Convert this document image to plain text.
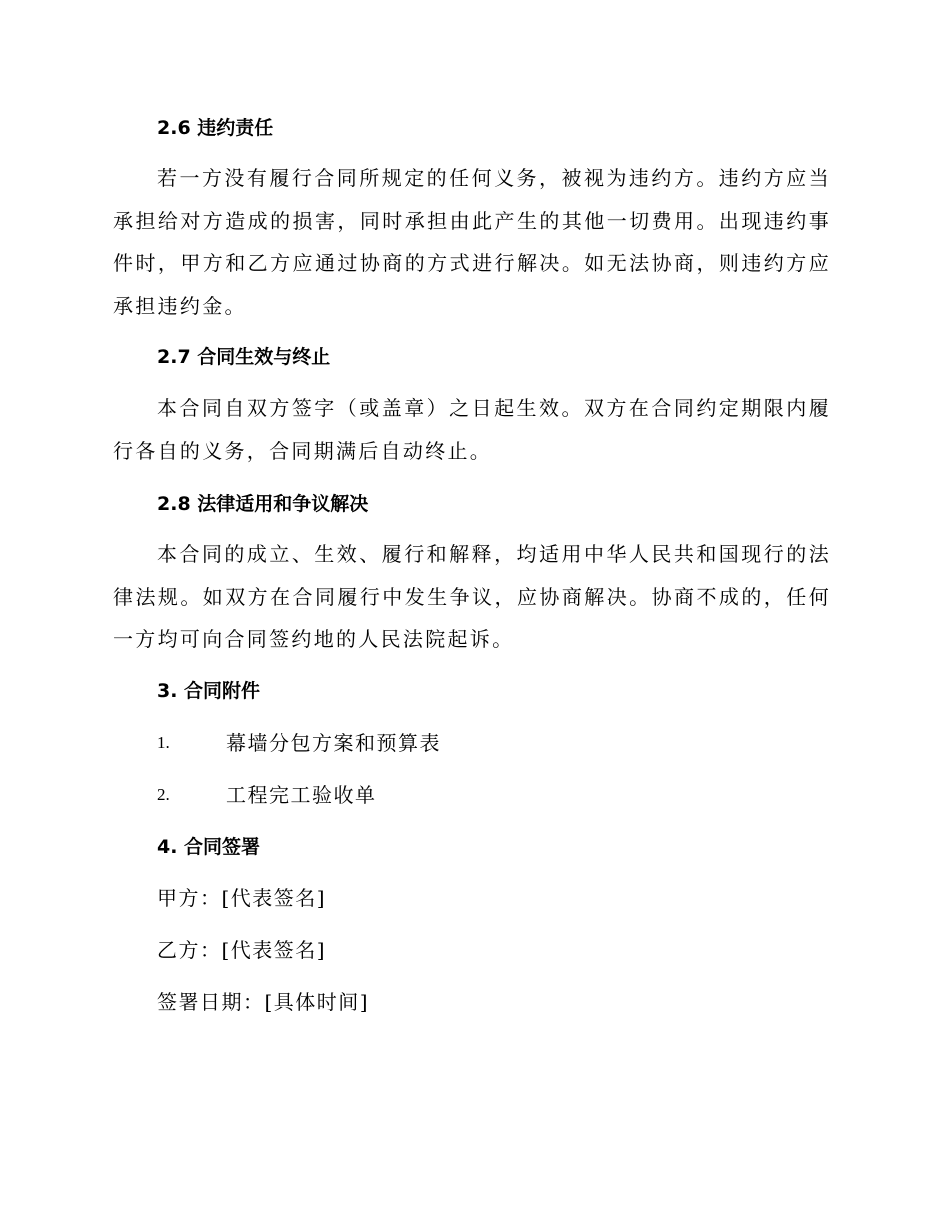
2.6 违约责任

若一方没有履行合同所规定的任何义务，被视为违约方。违约方应当承担给对方造成的损害，同时承担由此产生的其他一切费用。出现违约事件时，甲方和乙方应通过协商的方式进行解决。如无法协商，则违约方应承担违约金。

2.7 合同生效与终止

本合同自双方签字（或盖章）之日起生效。双方在合同约定期限内履行各自的义务，合同期满后自动终止。

2.8 法律适用和争议解决

本合同的成立、生效、履行和解释，均适用中华人民共和国现行的法律法规。如双方在合同履行中发生争议，应协商解决。协商不成的，任何一方均可向合同签约地的人民法院起诉。

3. 合同附件
1.	幕墙分包方案和预算表
2.	工程完工验收单
4. 合同签署
甲方：[代表签名]
乙方：[代表签名]
签署日期：[具体时间]
